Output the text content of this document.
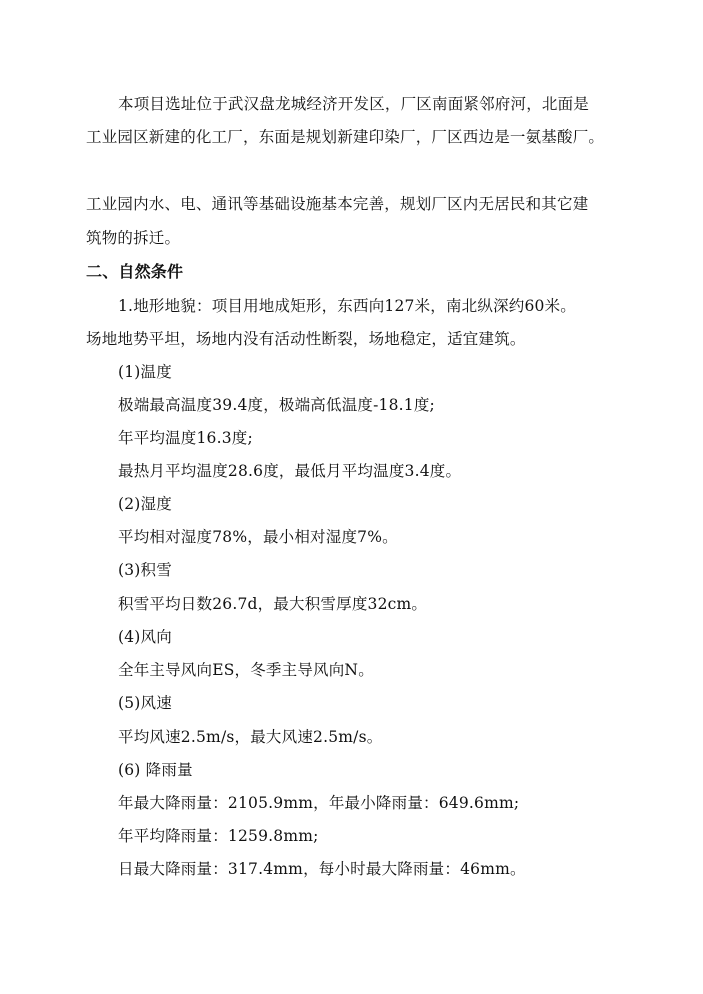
本项目选址位于武汉盘龙城经济开发区，厂区南面紧邻府河，北面是
工业园区新建的化工厂，东面是规划新建印染厂，厂区西边是一氨基酸厂。
工业园内水、电、通讯等基础设施基本完善，规划厂区内无居民和其它建
筑物的拆迁。
二、自然条件
1.地形地貌：项目用地成矩形，东西向127米，南北纵深约60米。
场地地势平坦，场地内没有活动性断裂，场地稳定，适宜建筑。
(1)温度
极端最高温度39.4度，极端高低温度-18.1度;
年平均温度16.3度;
最热月平均温度28.6度，最低月平均温度3.4度。
(2)湿度
平均相对湿度78%，最小相对湿度7%。
(3)积雪
积雪平均日数26.7d，最大积雪厚度32cm。
(4)风向
全年主导风向ES，冬季主导风向N。
(5)风速
平均风速2.5m/s，最大风速2.5m/s。
(6) 降雨量
年最大降雨量：2105.9mm，年最小降雨量：649.6mm;
年平均降雨量：1259.8mm;
日最大降雨量：317.4mm，每小时最大降雨量：46mm。
